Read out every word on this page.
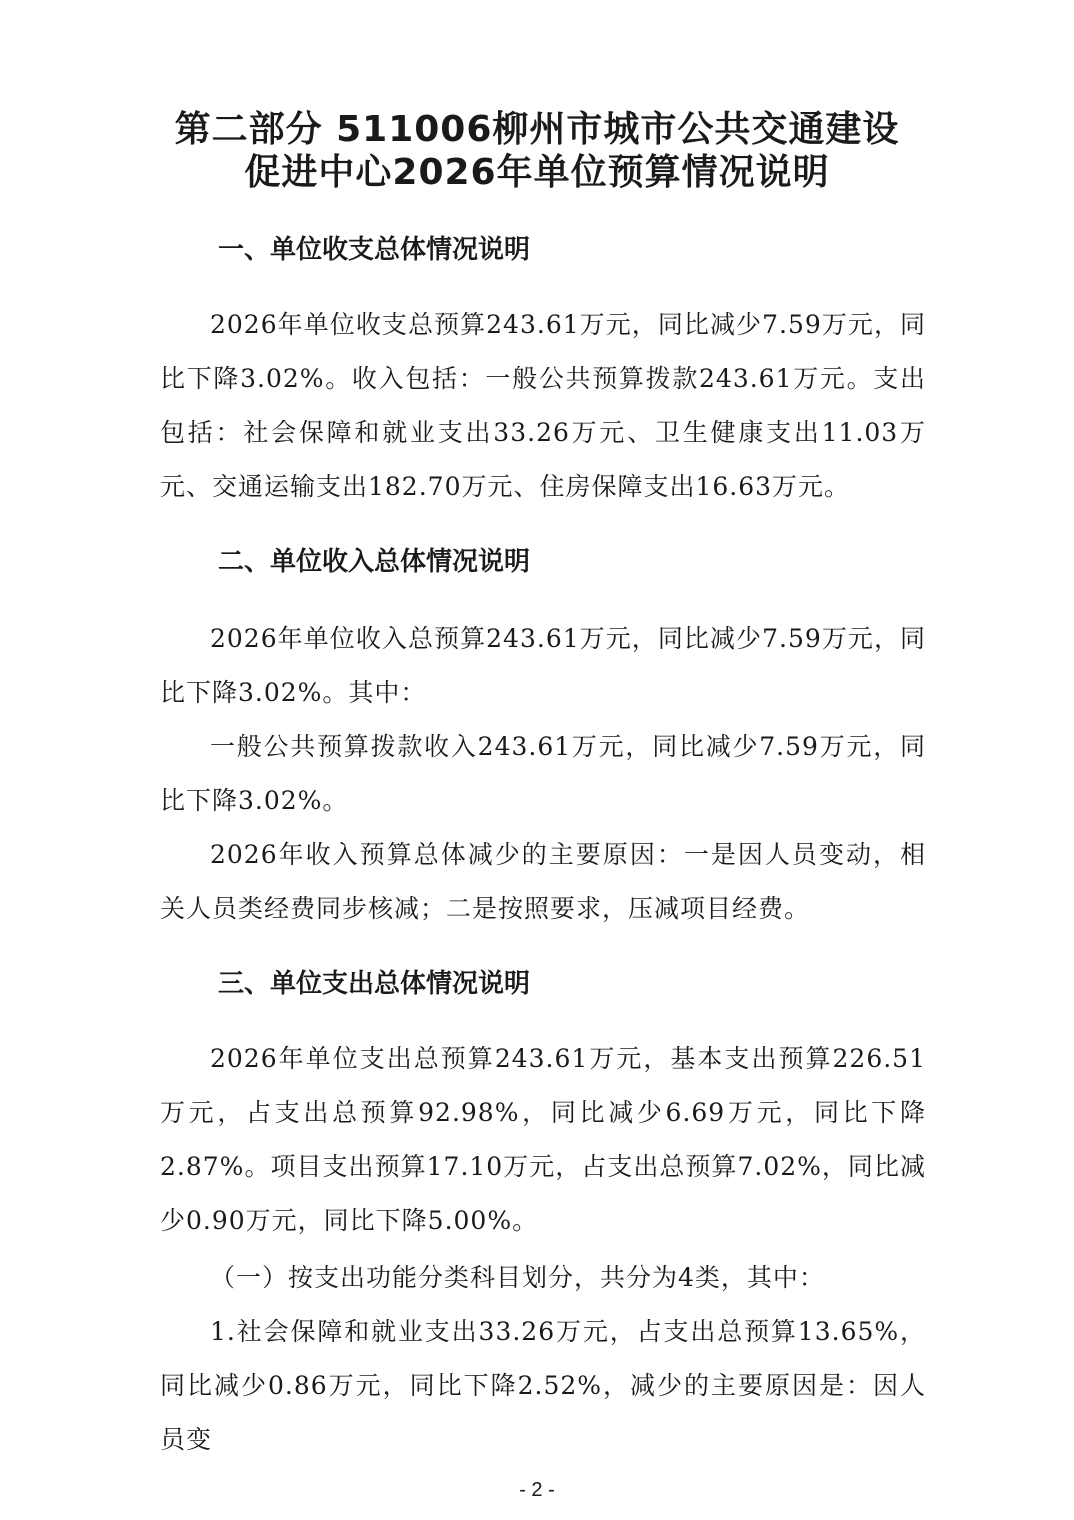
第二部分 511006柳州市城市公共交通建设
促进中心2026年单位预算情况说明
一、单位收支总体情况说明

2026年单位收支总预算243.61万元，同比减少7.59万元，同比下降3.02%。收入包括：一般公共预算拨款243.61万元。支出包括：社会保障和就业支出33.26万元、卫生健康支出11.03万元、交通运输支出182.70万元、住房保障支出16.63万元。

二、单位收入总体情况说明

2026年单位收入总预算243.61万元，同比减少7.59万元，同比下降3.02%。其中：

一般公共预算拨款收入243.61万元，同比减少7.59万元，同比下降3.02%。

2026年收入预算总体减少的主要原因：一是因人员变动，相关人员类经费同步核减；二是按照要求，压减项目经费。

三、单位支出总体情况说明

2026年单位支出总预算243.61万元，基本支出预算226.51万元，占支出总预算92.98%，同比减少6.69万元，同比下降2.87%。项目支出预算17.10万元，占支出总预算7.02%，同比减少0.90万元，同比下降5.00%。

（一）按支出功能分类科目划分，共分为4类，其中：

1.社会保障和就业支出33.26万元，占支出总预算13.65%，同比减少0.86万元，同比下降2.52%，减少的主要原因是：因人员变

- 2 -
